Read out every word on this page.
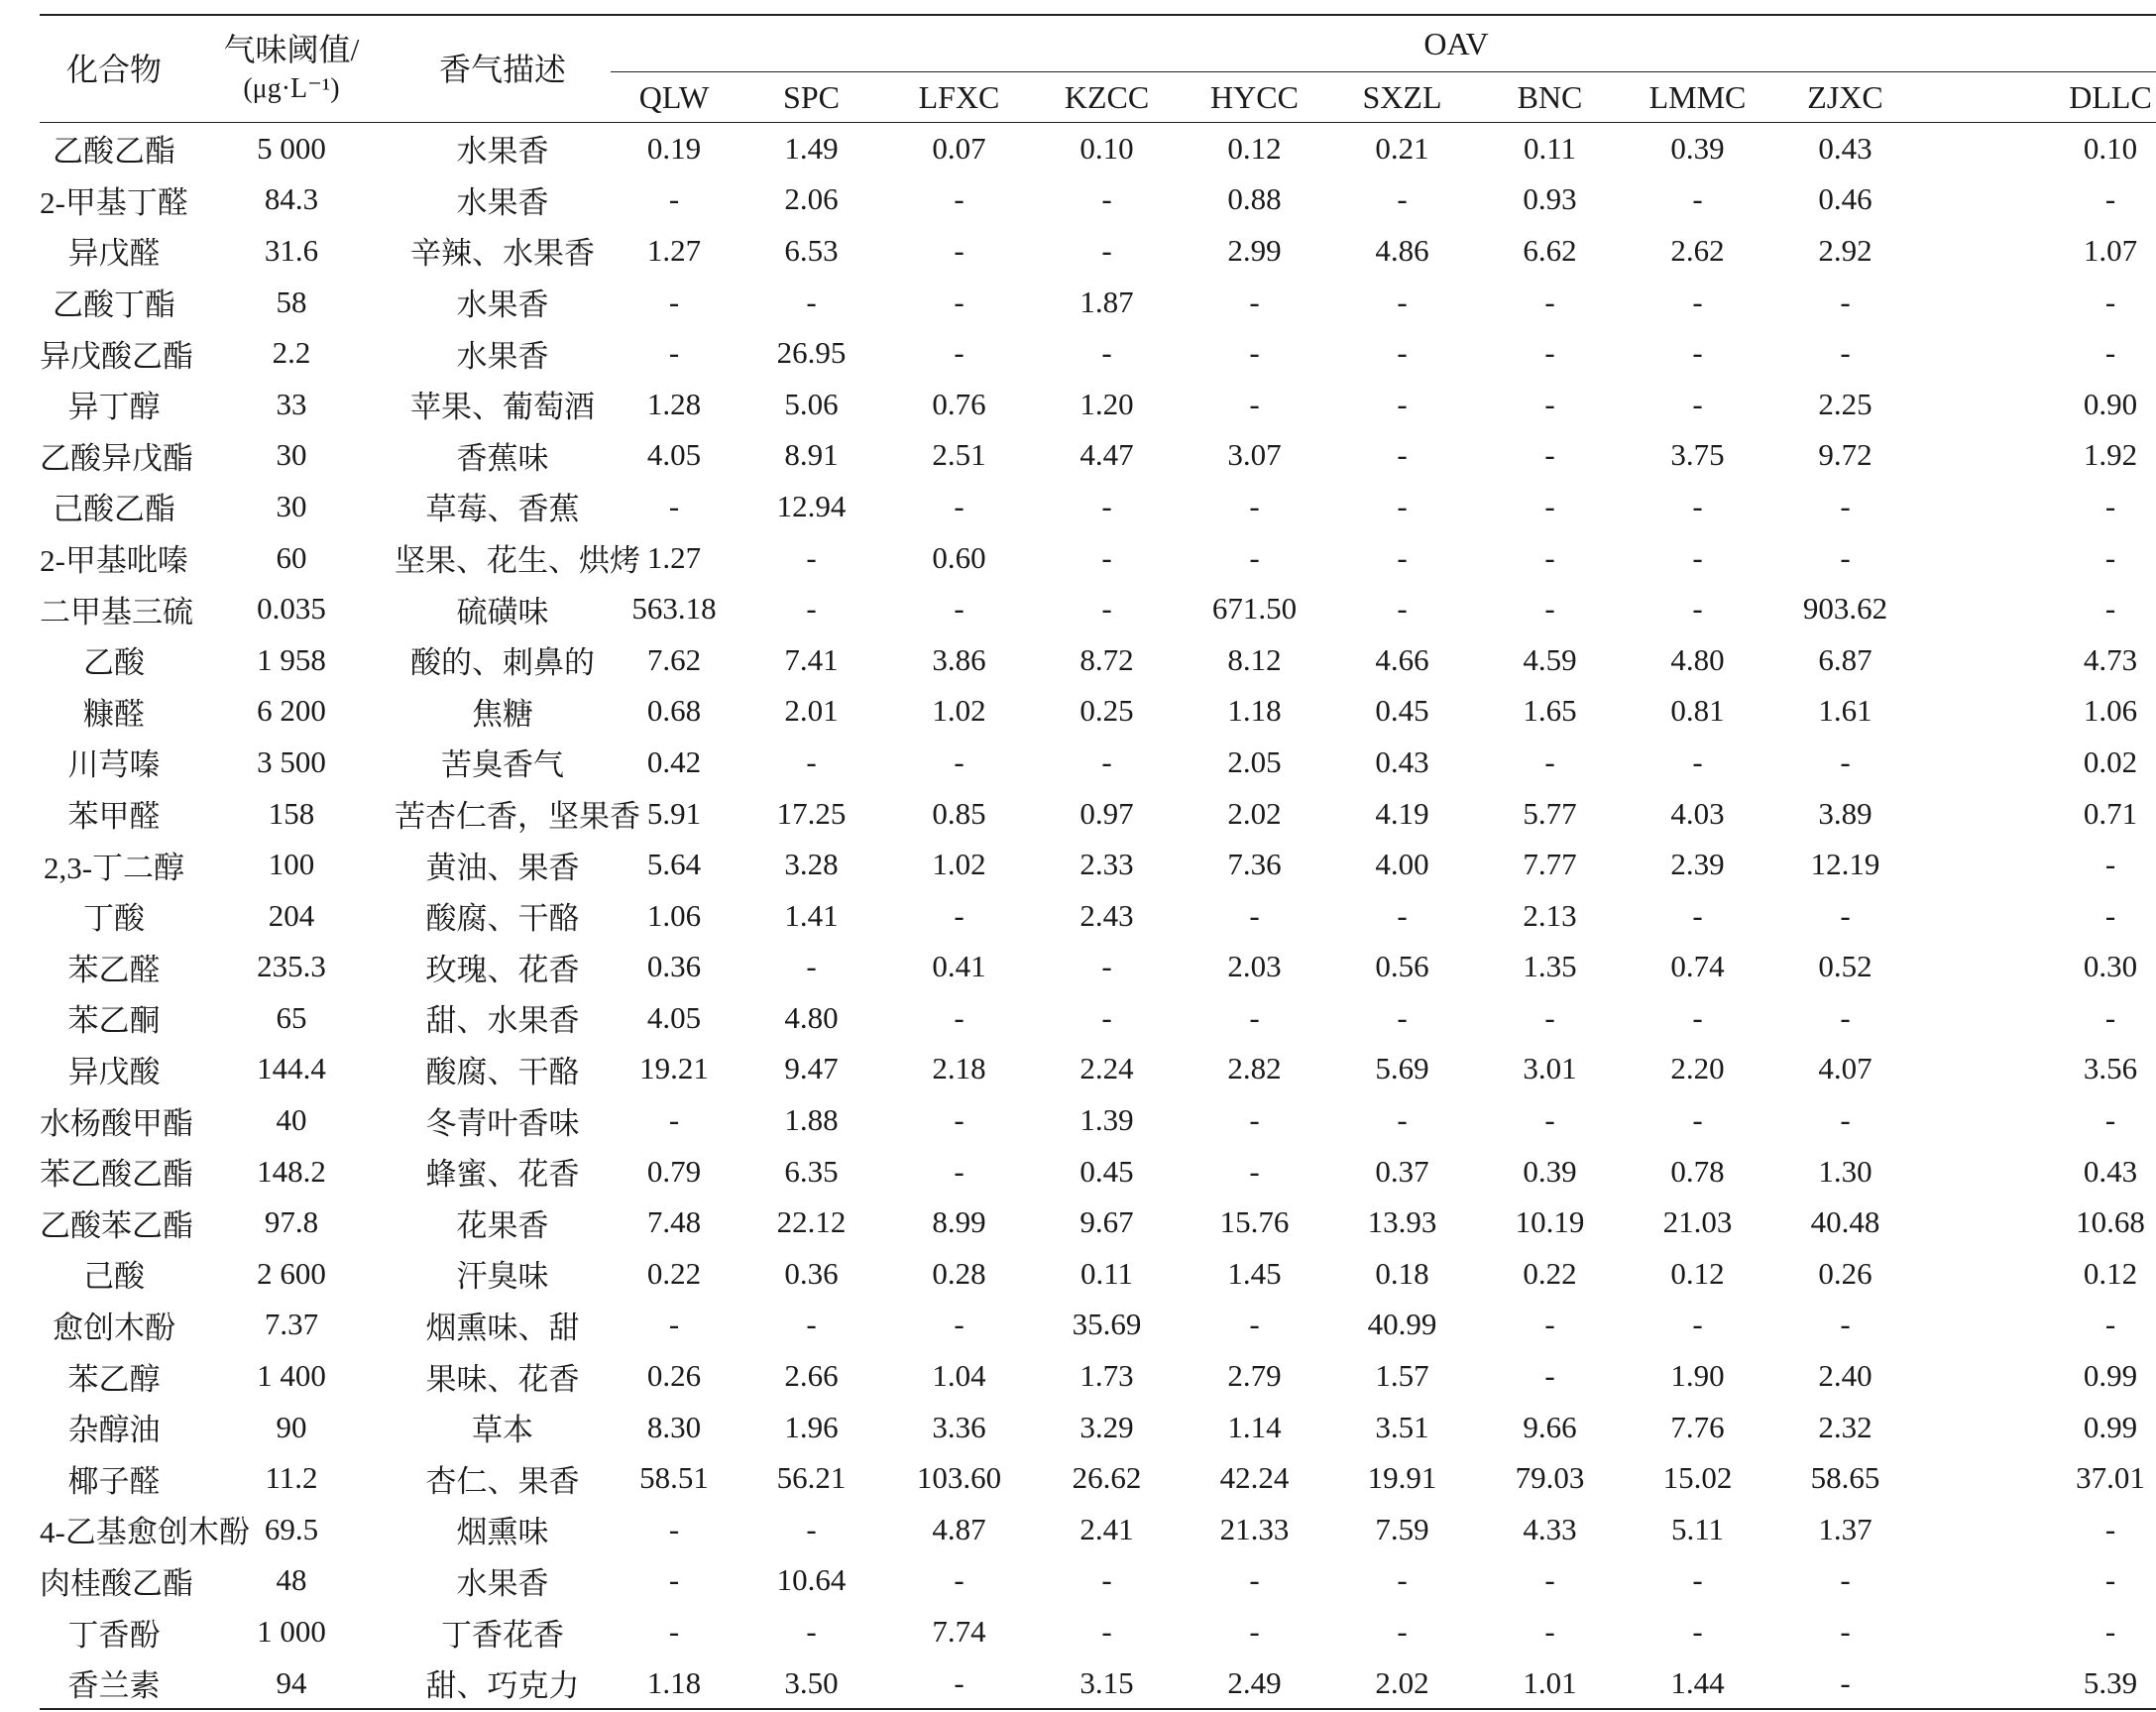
化合物	气味阈值/
(μg·L⁻¹)	香气描述	OAV									
			QLW	SPC	LFXC	KZCC	HYCC	SXZL	BNC	LMMC	ZJXC	DLLC
乙酸乙酯	5 000	水果香	0.19	1.49	0.07	0.10	0.12	0.21	0.11	0.39	0.43	0.10
2-甲基丁醛	84.3	水果香	-	2.06	-	-	0.88	-	0.93	-	0.46	-
异戊醛	31.6	辛辣、水果香	1.27	6.53	-	-	2.99	4.86	6.62	2.62	2.92	1.07
乙酸丁酯	58	水果香	-	-	-	1.87	-	-	-	-	-	-
异戊酸乙酯	2.2	水果香	-	26.95	-	-	-	-	-	-	-	-
异丁醇	33	苹果、葡萄酒	1.28	5.06	0.76	1.20	-	-	-	-	2.25	0.90
乙酸异戊酯	30	香蕉味	4.05	8.91	2.51	4.47	3.07	-	-	3.75	9.72	1.92
己酸乙酯	30	草莓、香蕉	-	12.94	-	-	-	-	-	-	-	-
2-甲基吡嗪	60	坚果、花生、烘烤	1.27	-	0.60	-	-	-	-	-	-	-
二甲基三硫	0.035	硫磺味	563.18	-	-	-	671.50	-	-	-	903.62	-
乙酸	1 958	酸的、刺鼻的	7.62	7.41	3.86	8.72	8.12	4.66	4.59	4.80	6.87	4.73
糠醛	6 200	焦糖	0.68	2.01	1.02	0.25	1.18	0.45	1.65	0.81	1.61	1.06
川芎嗪	3 500	苦臭香气	0.42	-	-	-	2.05	0.43	-	-	-	0.02
苯甲醛	158	苦杏仁香，坚果香	5.91	17.25	0.85	0.97	2.02	4.19	5.77	4.03	3.89	0.71
2,3-丁二醇	100	黄油、果香	5.64	3.28	1.02	2.33	7.36	4.00	7.77	2.39	12.19	-
丁酸	204	酸腐、干酪	1.06	1.41	-	2.43	-	-	2.13	-	-	-
苯乙醛	235.3	玫瑰、花香	0.36	-	0.41	-	2.03	0.56	1.35	0.74	0.52	0.30
苯乙酮	65	甜、水果香	4.05	4.80	-	-	-	-	-	-	-	-
异戊酸	144.4	酸腐、干酪	19.21	9.47	2.18	2.24	2.82	5.69	3.01	2.20	4.07	3.56
水杨酸甲酯	40	冬青叶香味	-	1.88	-	1.39	-	-	-	-	-	-
苯乙酸乙酯	148.2	蜂蜜、花香	0.79	6.35	-	0.45	-	0.37	0.39	0.78	1.30	0.43
乙酸苯乙酯	97.8	花果香	7.48	22.12	8.99	9.67	15.76	13.93	10.19	21.03	40.48	10.68
己酸	2 600	汗臭味	0.22	0.36	0.28	0.11	1.45	0.18	0.22	0.12	0.26	0.12
愈创木酚	7.37	烟熏味、甜	-	-	-	35.69	-	40.99	-	-	-	-
苯乙醇	1 400	果味、花香	0.26	2.66	1.04	1.73	2.79	1.57	-	1.90	2.40	0.99
杂醇油	90	草本	8.30	1.96	3.36	3.29	1.14	3.51	9.66	7.76	2.32	0.99
椰子醛	11.2	杏仁、果香	58.51	56.21	103.60	26.62	42.24	19.91	79.03	15.02	58.65	37.01
4-乙基愈创木酚	69.5	烟熏味	-	-	4.87	2.41	21.33	7.59	4.33	5.11	1.37	-
肉桂酸乙酯	48	水果香	-	10.64	-	-	-	-	-	-	-	-
丁香酚	1 000	丁香花香	-	-	7.74	-	-	-	-	-	-	-
香兰素	94	甜、巧克力	1.18	3.50	-	3.15	2.49	2.02	1.01	1.44	-	5.39
